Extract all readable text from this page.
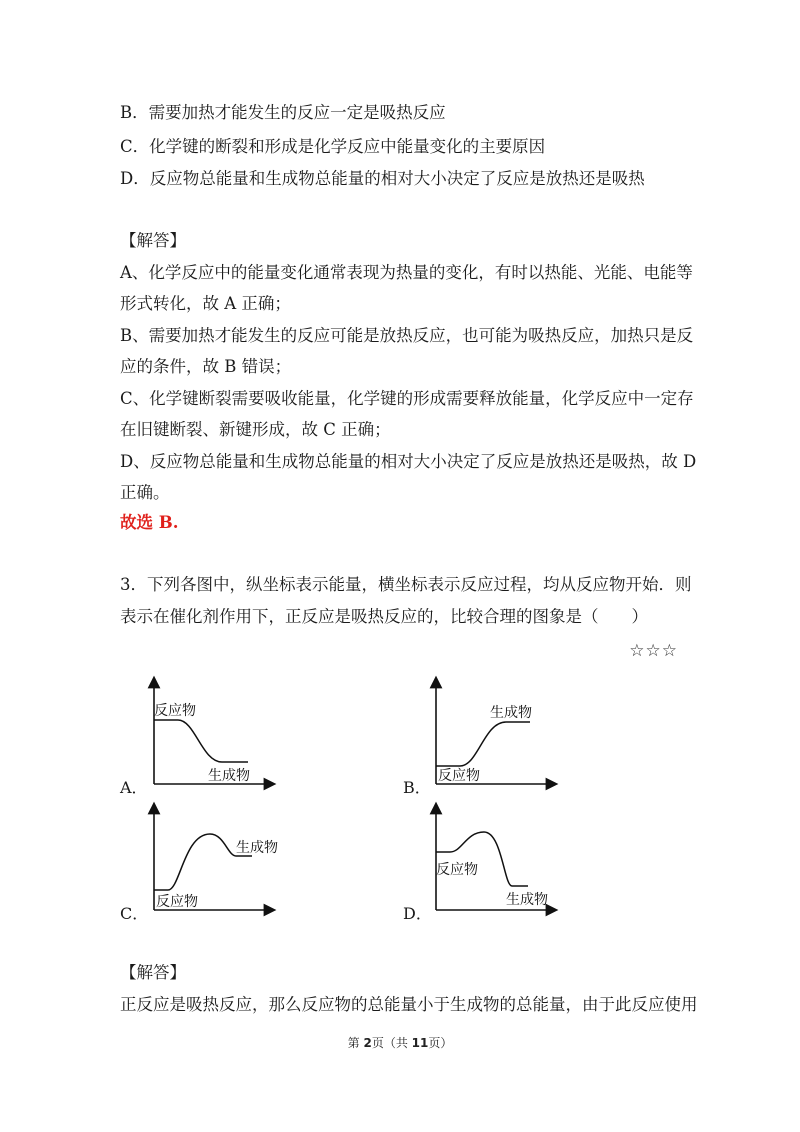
B．需要加热才能发生的反应一定是吸热反应
C．化学键的断裂和形成是化学反应中能量变化的主要原因
D．反应物总能量和生成物总能量的相对大小决定了反应是放热还是吸热
【解答】
A、化学反应中的能量变化通常表现为热量的变化，有时以热能、光能、电能等
形式转化，故 A 正确；
B、需要加热才能发生的反应可能是放热反应，也可能为吸热反应，加热只是反
应的条件，故 B 错误；
C、化学键断裂需要吸收能量，化学键的形成需要释放能量，化学反应中一定存
在旧键断裂、新键形成，故 C 正确；
D、反应物总能量和生成物总能量的相对大小决定了反应是放热还是吸热，故 D
正确。
故选 B.
3．下列各图中，纵坐标表示能量，横坐标表示反应过程，均从反应物开始．则
表示在催化剂作用下，正反应是吸热反应的，比较合理的图象是（　　）
☆☆☆
A．
反应物
生成物
B．
生成物
反应物
C．
生成物
反应物
D．
反应物
生成物
【解答】
正反应是吸热反应，那么反应物的总能量小于生成物的总能量，由于此反应使用
第 2页（共 11页）
